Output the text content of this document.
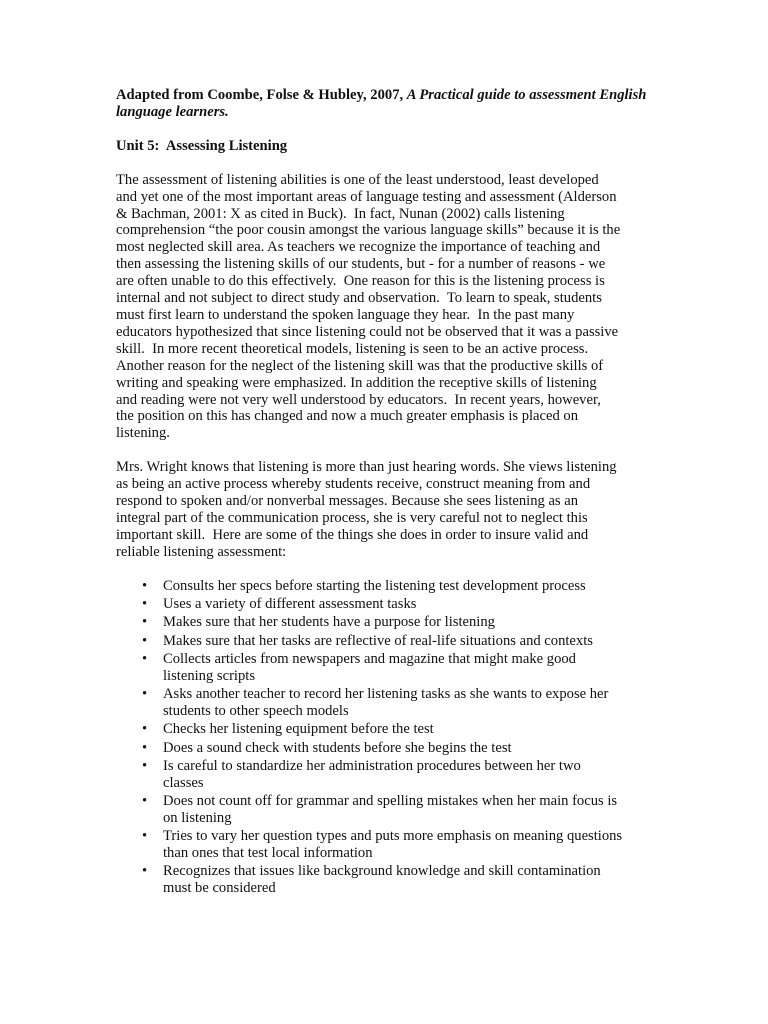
Adapted from Coombe, Folse & Hubley, 2007, A Practical guide to assessment English
language learners.
Unit 5:  Assessing Listening
The assessment of listening abilities is one of the least understood, least developed
and yet one of the most important areas of language testing and assessment (Alderson
& Bachman, 2001: X as cited in Buck).  In fact, Nunan (2002) calls listening
comprehension “the poor cousin amongst the various language skills” because it is the
most neglected skill area. As teachers we recognize the importance of teaching and
then assessing the listening skills of our students, but - for a number of reasons - we
are often unable to do this effectively.  One reason for this is the listening process is
internal and not subject to direct study and observation.  To learn to speak, students
must first learn to understand the spoken language they hear.  In the past many
educators hypothesized that since listening could not be observed that it was a passive
skill.  In more recent theoretical models, listening is seen to be an active process.
Another reason for the neglect of the listening skill was that the productive skills of
writing and speaking were emphasized. In addition the receptive skills of listening
and reading were not very well understood by educators.  In recent years, however,
the position on this has changed and now a much greater emphasis is placed on
listening.
Mrs. Wright knows that listening is more than just hearing words. She views listening
as being an active process whereby students receive, construct meaning from and
respond to spoken and/or nonverbal messages. Because she sees listening as an
integral part of the communication process, she is very careful not to neglect this
important skill.  Here are some of the things she does in order to insure valid and
reliable listening assessment:
• Consults her specs before starting the listening test development process
• Uses a variety of different assessment tasks
• Makes sure that her students have a purpose for listening
• Makes sure that her tasks are reflective of real-life situations and contexts
• Collects articles from newspapers and magazine that might make good
listening scripts
• Asks another teacher to record her listening tasks as she wants to expose her
students to other speech models
• Checks her listening equipment before the test
• Does a sound check with students before she begins the test
• Is careful to standardize her administration procedures between her two
classes
• Does not count off for grammar and spelling mistakes when her main focus is
on listening
• Tries to vary her question types and puts more emphasis on meaning questions
than ones that test local information
• Recognizes that issues like background knowledge and skill contamination
must be considered
